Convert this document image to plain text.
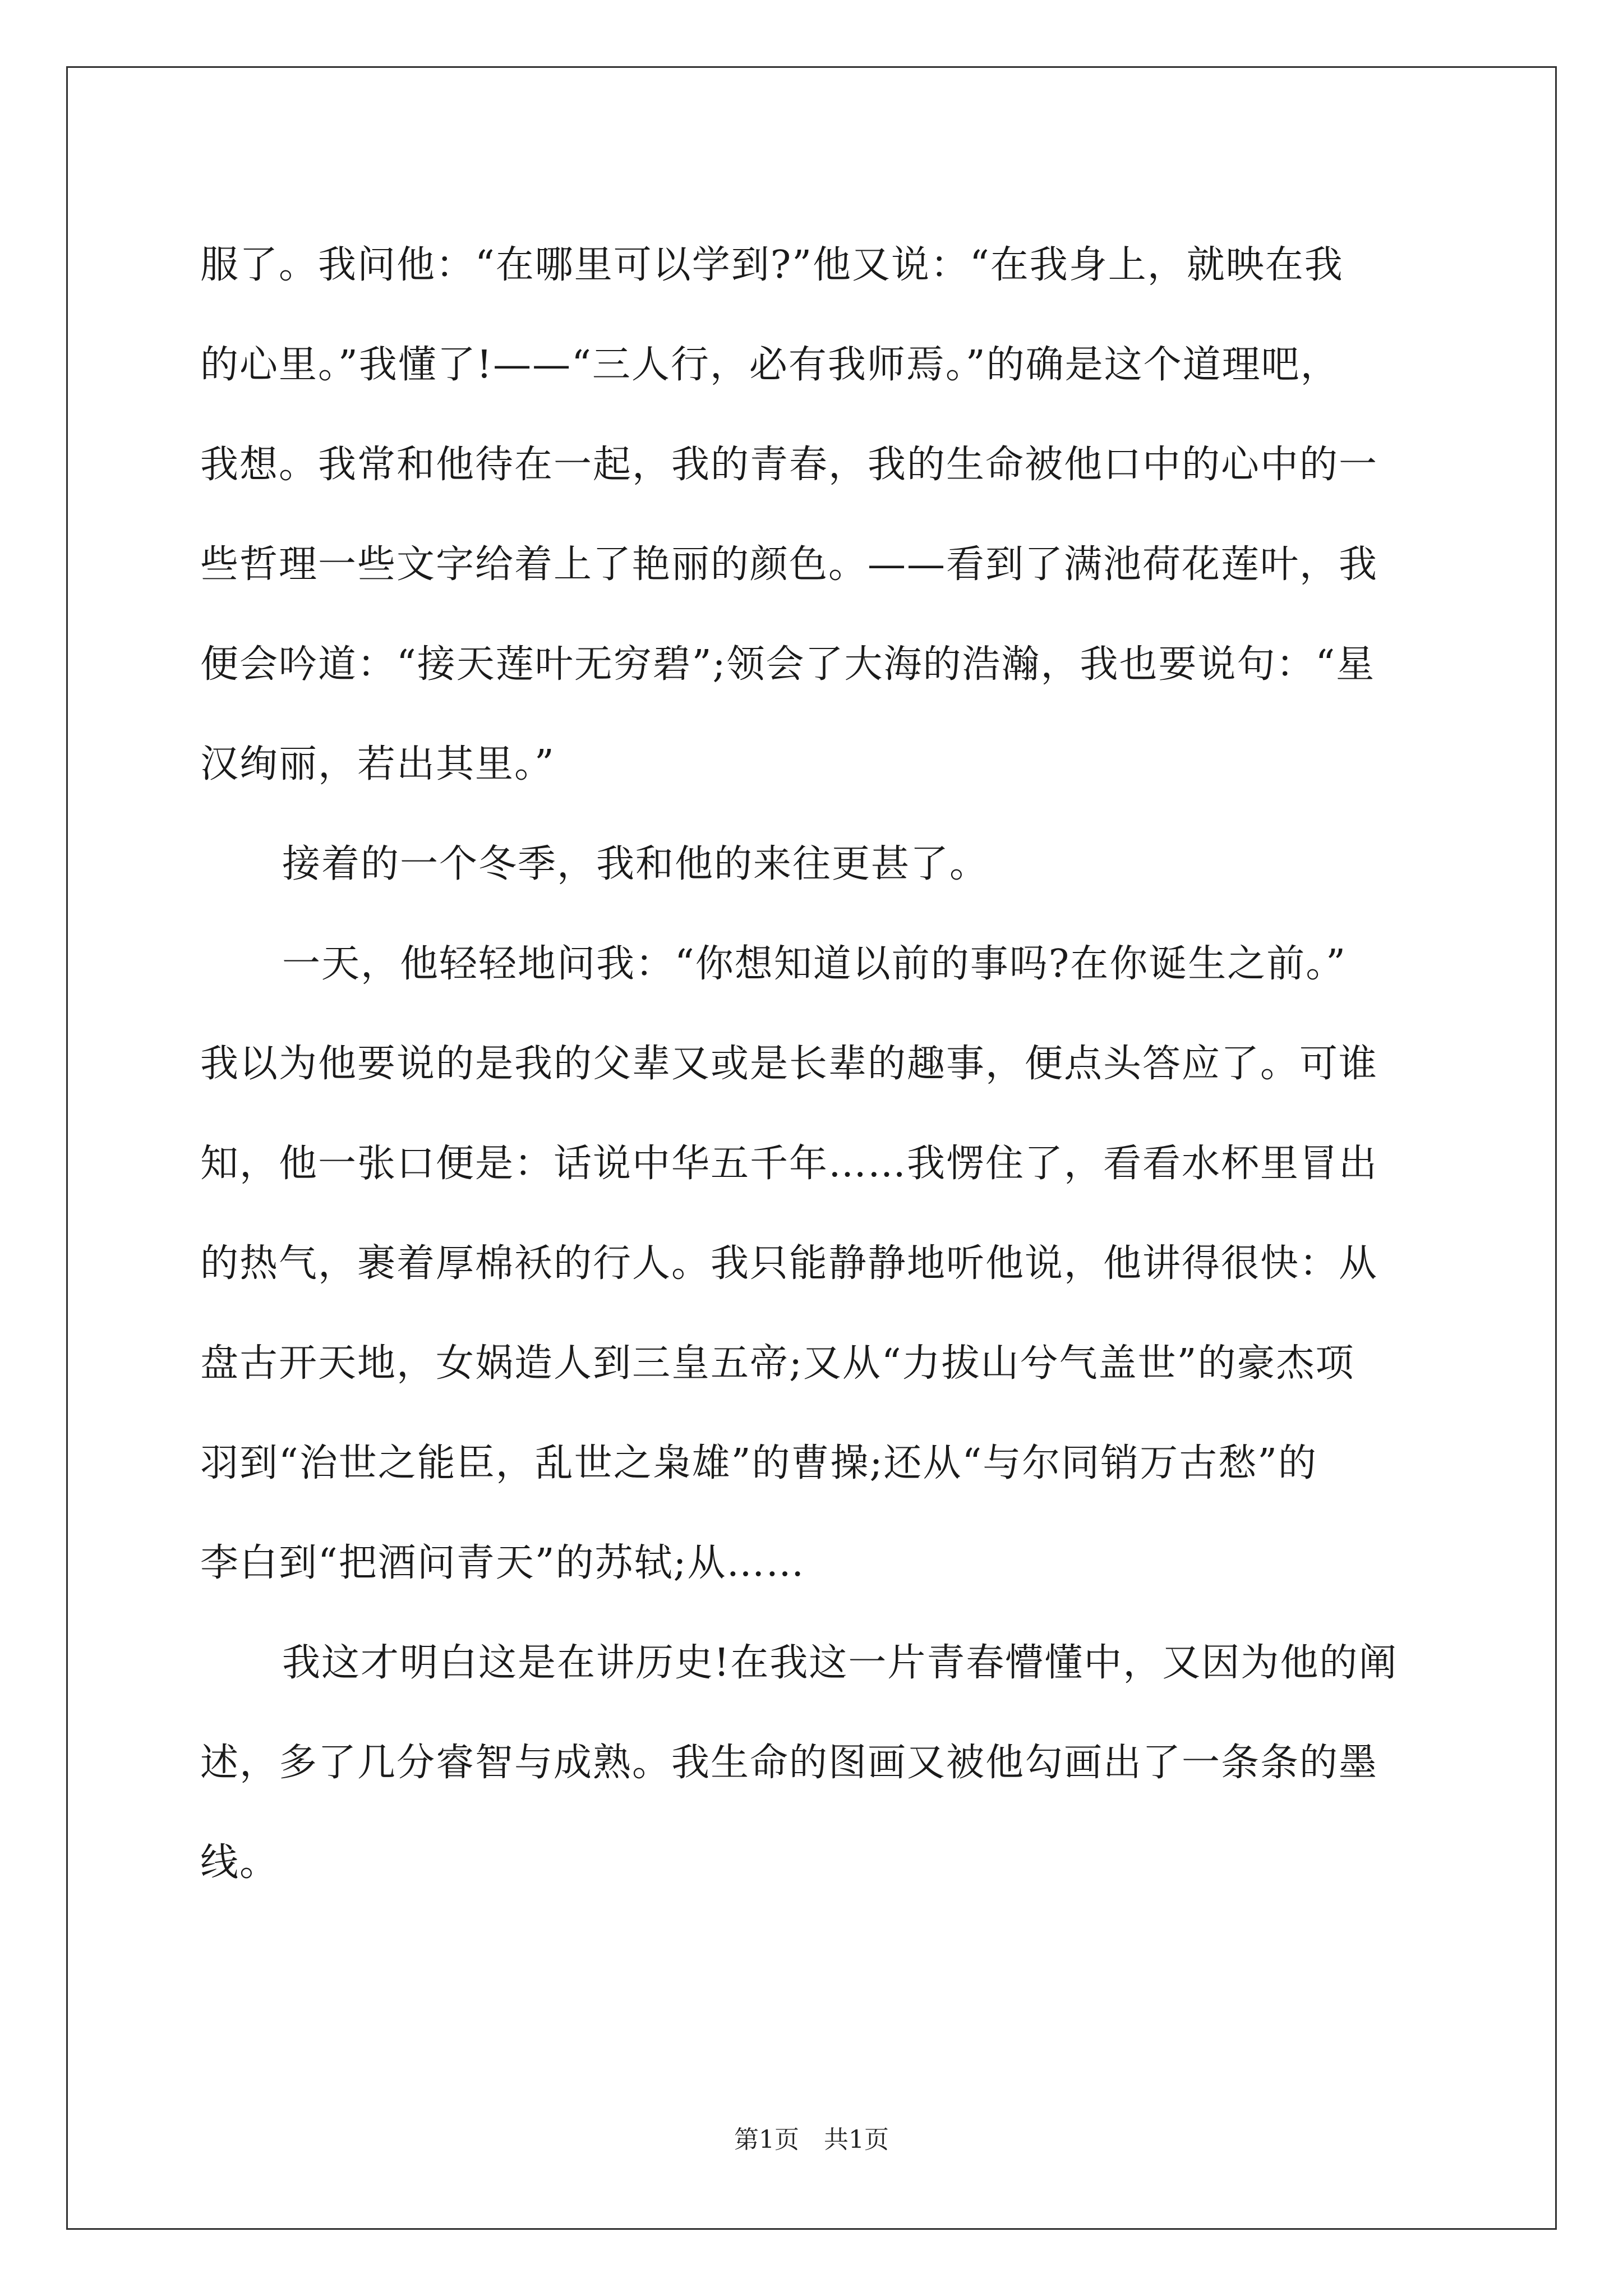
服了。我问他：“在哪里可以学到?”他又说：“在我身上，就映在我
的心里。”我懂了!——“三人行，必有我师焉。”的确是这个道理吧，
我想。我常和他待在一起，我的青春，我的生命被他口中的心中的一
些哲理一些文字给着上了艳丽的颜色。——看到了满池荷花莲叶，我
便会吟道：“接天莲叶无穷碧”;领会了大海的浩瀚，我也要说句：“星
汉绚丽，若出其里。”
接着的一个冬季，我和他的来往更甚了。
一天，他轻轻地问我：“你想知道以前的事吗?在你诞生之前。”
我以为他要说的是我的父辈又或是长辈的趣事，便点头答应了。可谁
知，他一张口便是：话说中华五千年……我愣住了，看看水杯里冒出
的热气，裹着厚棉袄的行人。我只能静静地听他说，他讲得很快：从
盘古开天地，女娲造人到三皇五帝;又从“力拔山兮气盖世”的豪杰项
羽到“治世之能臣，乱世之枭雄”的曹操;还从“与尔同销万古愁”的
李白到“把酒问青天”的苏轼;从……
我这才明白这是在讲历史!在我这一片青春懵懂中，又因为他的阐
述，多了几分睿智与成熟。我生命的图画又被他勾画出了一条条的墨
线。
第1页　共1页
